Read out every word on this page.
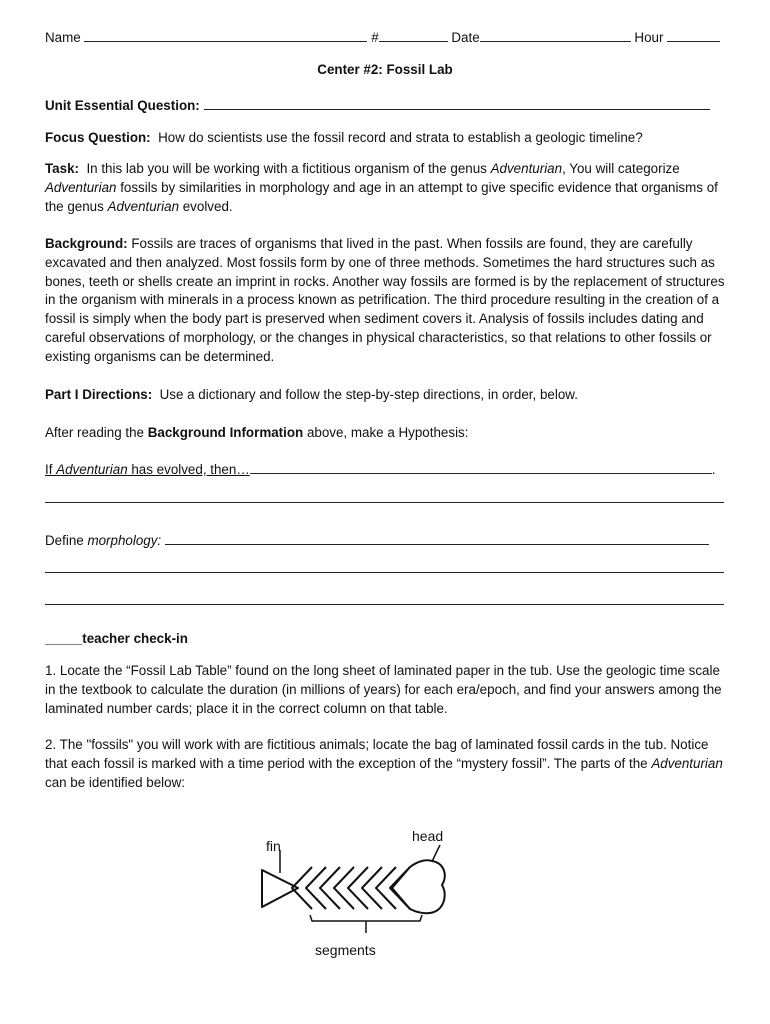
Name	#	Date	Hour
Center #2: Fossil Lab
Unit Essential Question:
Focus Question: How do scientists use the fossil record and strata to establish a geologic timeline?
Task: In this lab you will be working with a fictitious organism of the genus Adventurian, You will categorize Adventurian fossils by similarities in morphology and age in an attempt to give specific evidence that organisms of the genus Adventurian evolved.
Background: Fossils are traces of organisms that lived in the past. When fossils are found, they are carefully excavated and then analyzed. Most fossils form by one of three methods. Sometimes the hard structures such as bones, teeth or shells create an imprint in rocks. Another way fossils are formed is by the replacement of structures in the organism with minerals in a process known as petrification. The third procedure resulting in the creation of a fossil is simply when the body part is preserved when sediment covers it. Analysis of fossils includes dating and careful observations of morphology, or the changes in physical characteristics, so that relations to other fossils or existing organisms can be determined.
Part I Directions: Use a dictionary and follow the step-by-step directions, in order, below.
After reading the Background Information above, make a Hypothesis:
If Adventurian has evolved, then…	.
Define morphology:
_____teacher check-in
1. Locate the “Fossil Lab Table” found on the long sheet of laminated paper in the tub. Use the geologic time scale in the textbook to calculate the duration (in millions of years) for each era/epoch, and find your answers among the laminated number cards; place it in the correct column on that table.
2. The "fossils" you will work with are fictitious animals; locate the bag of laminated fossil cards in the tub. Notice that each fossil is marked with a time period with the exception of the “mystery fossil”. The parts of the Adventurian can be identified below:
fin
head
segments
